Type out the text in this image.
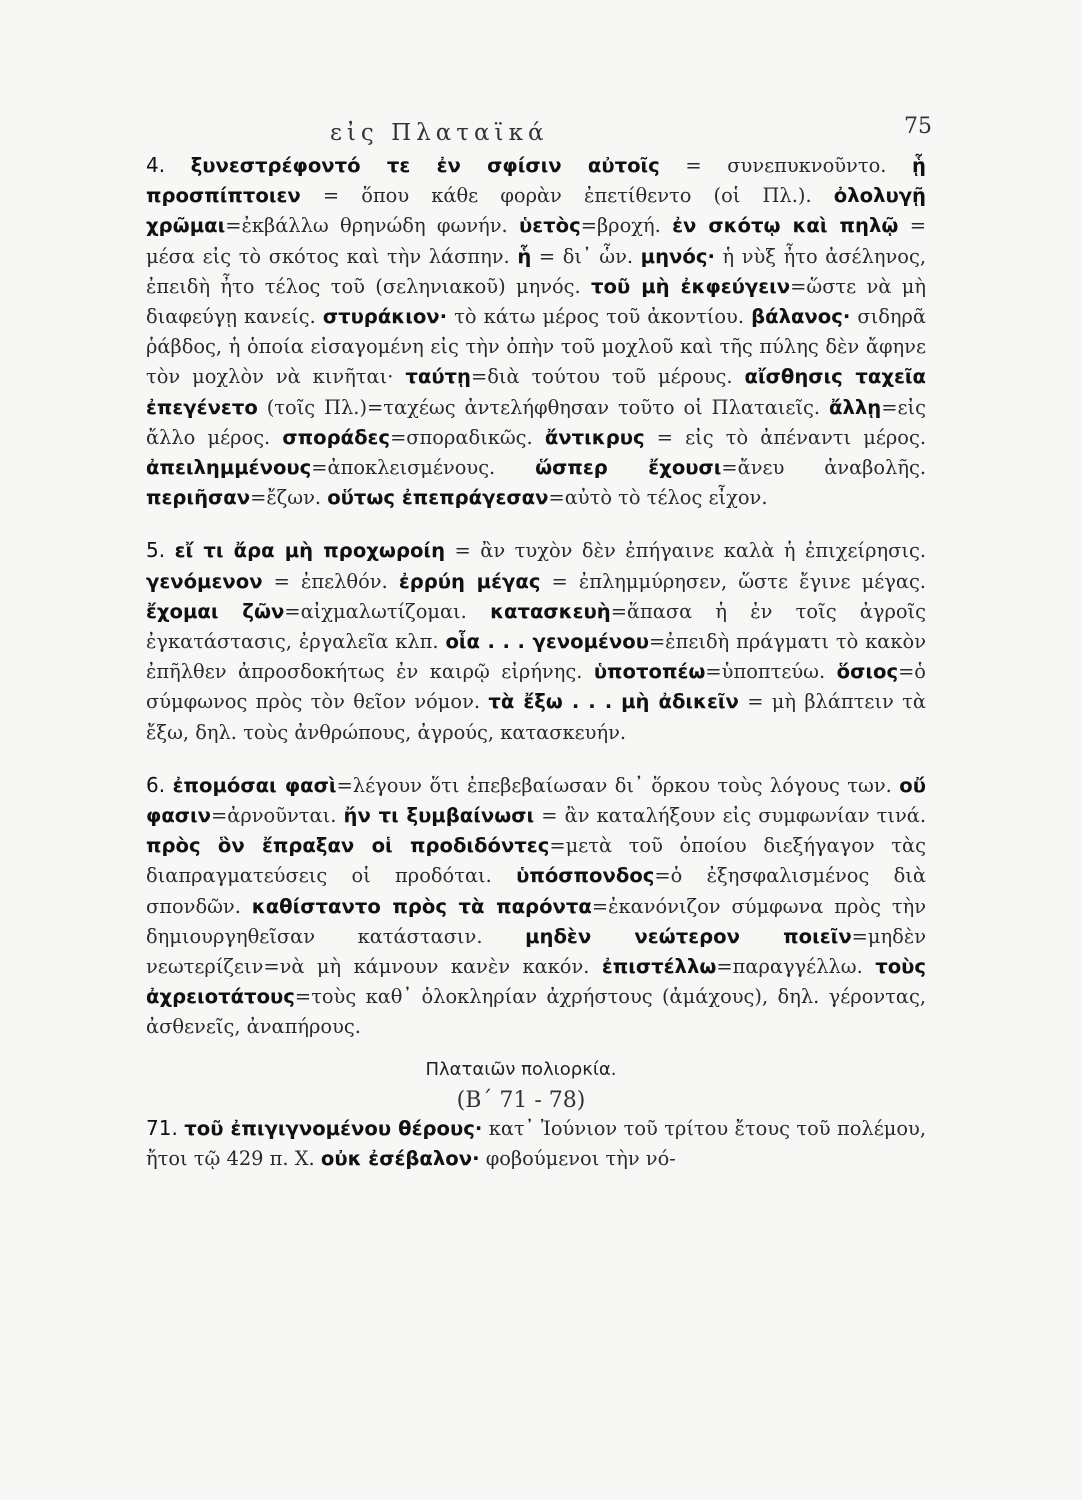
εἰς Πλαταϊκά	75

4. ξυνεστρέφοντό τε ἐν σφίσιν αὐτοῖς = συνεπυκνοῦντο. ᾗ προσπίπτοιεν = ὅπου κάθε φορὰν ἐπετίθεντο (οἱ Πλ.). ὀλολυγῇ χρῶμαι=ἐκβάλλω θρηνώδη φωνήν. ὑετὸς=βροχή. ἐν σκότῳ καὶ πηλῷ = μέσα εἰς τὸ σκότος καὶ τὴν λάσπην. ἧ = δι᾿ ὧν. μηνός· ἡ νὺξ ἦτο ἀσέληνος, ἐπειδὴ ἦτο τέλος τοῦ (σεληνιακοῦ) μηνός. τοῦ μὴ ἐκφεύγειν=ὥστε νὰ μὴ διαφεύγῃ κανείς. στυράκιον· τὸ κάτω μέρος τοῦ ἀκοντίου. βάλανος· σιδηρᾶ ῥάβδος, ἡ ὁποία εἰσαγομένη εἰς τὴν ὀπὴν τοῦ μοχλοῦ καὶ τῆς πύλης δὲν ἄφηνε τὸν μοχλὸν νὰ κινῆται· ταύτῃ=διὰ τούτου τοῦ μέρους. αἴσθησις ταχεῖα ἐπεγένετο (τοῖς Πλ.)=ταχέως ἀντελήφθησαν τοῦτο οἱ Πλαταιεῖς. ἄλλῃ=εἰς ἄλλο μέρος. σποράδες=σποραδικῶς. ἄντικρυς = εἰς τὸ ἀπέναντι μέρος. ἀπειλημμένους=ἀποκλεισμένους. ὥσπερ ἔχουσι=ἄνευ ἀναβολῆς. περιῆσαν=ἔζων. οὕτως ἐπεπράγεσαν=αὐτὸ τὸ τέλος εἶχον.

5. εἴ τι ἄρα μὴ προχωροίη = ἂν τυχὸν δὲν ἐπήγαινε καλὰ ἡ ἐπιχείρησις. γενόμενον = ἐπελθόν. ἐρρύη μέγας = ἐπλημμύρησεν, ὥστε ἔγινε μέγας. ἔχομαι ζῶν=αἰχμαλωτίζομαι. κατασκευὴ=ἅπασα ἡ ἐν τοῖς ἀγροῖς ἐγκατάστασις, ἐργαλεῖα κλπ. οἷα . . . γενομένου=ἐπειδὴ πράγματι τὸ κακὸν ἐπῆλθεν ἀπροσδοκήτως ἐν καιρῷ εἰρήνης. ὑποτοπέω=ὑποπτεύω. ὅσιος=ὁ σύμφωνος πρὸς τὸν θεῖον νόμον. τὰ ἔξω . . . μὴ ἀδικεῖν = μὴ βλάπτειν τὰ ἔξω, δηλ. τοὺς ἀνθρώπους, ἀγρούς, κατασκευήν.

6. ἐπομόσαι φασὶ=λέγουν ὅτι ἐπεβεβαίωσαν δι᾿ ὅρκου τοὺς λόγους των. οὔ φασιν=ἀρνοῦνται. ἤν τι ξυμβαίνωσι = ἂν καταλήξουν εἰς συμφωνίαν τινά. πρὸς ὃν ἔπραξαν οἱ προδιδόντες=μετὰ τοῦ ὁποίου διεξήγαγον τὰς διαπραγματεύσεις οἱ προδόται. ὑπόσπονδος=ὁ ἐξησφαλισμένος διὰ σπονδῶν. καθίσταντο πρὸς τὰ παρόντα=ἐκανόνιζον σύμφωνα πρὸς τὴν δημιουργηθεῖσαν κατάστασιν. μηδὲν νεώτερον ποιεῖν=μηδὲν νεωτερίζειν=νὰ μὴ κάμνουν κανὲν κακόν. ἐπιστέλλω=παραγγέλλω. τοὺς ἀχρειοτάτους=τοὺς καθ᾿ ὁλοκληρίαν ἀχρήστους (ἀμάχους), δηλ. γέροντας, ἀσθενεῖς, ἀναπήρους.

Πλαταιῶν πολιορκία.
(Β΄ 71 - 78)

71. τοῦ ἐπιγιγνομένου θέρους· κατ᾿ Ἰούνιον τοῦ τρίτου ἔτους τοῦ πολέμου, ἤτοι τῷ 429 π. Χ. οὐκ ἐσέβαλον· φοβούμενοι τὴν νό-
